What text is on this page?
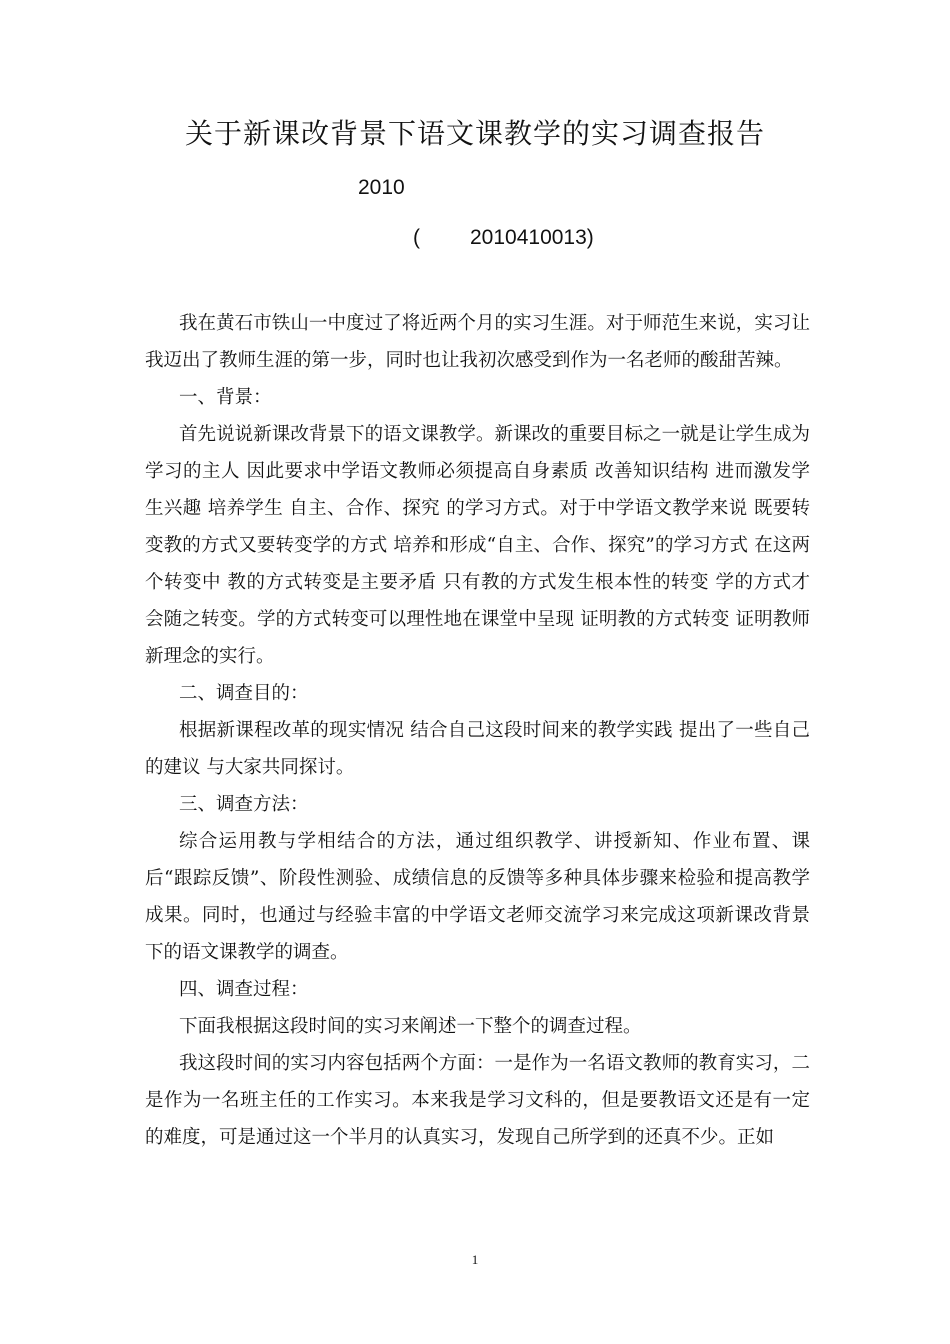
关于新课改背景下语文课教学的实习调查报告
2010
( 2010410013)

我在黄石市铁山一中度过了将近两个月的实习生涯。对于师范生来说，实习让我迈出了教师生涯的第一步，同时也让我初次感受到作为一名老师的酸甜苦辣。

一、背景：

首先说说新课改背景下的语文课教学。新课改的重要目标之一就是让学生成为学习的主人 因此要求中学语文教师必须提高自身素质 改善知识结构 进而激发学生兴趣 培养学生 自主、合作、探究 的学习方式。对于中学语文教学来说 既要转变教的方式又要转变学的方式 培养和形成“自主、合作、探究”的学习方式 在这两个转变中 教的方式转变是主要矛盾 只有教的方式发生根本性的转变 学的方式才会随之转变。学的方式转变可以理性地在课堂中呈现 证明教的方式转变 证明教师新理念的实行。

二、调查目的：

根据新课程改革的现实情况 结合自己这段时间来的教学实践 提出了一些自己的建议 与大家共同探讨。

三、调查方法：

综合运用教与学相结合的方法，通过组织教学、讲授新知、作业布置、课后“跟踪反馈”、阶段性测验、成绩信息的反馈等多种具体步骤来检验和提高教学成果。同时，也通过与经验丰富的中学语文老师交流学习来完成这项新课改背景下的语文课教学的调查。

四、调查过程：

下面我根据这段时间的实习来阐述一下整个的调查过程。

我这段时间的实习内容包括两个方面：一是作为一名语文教师的教育实习，二是作为一名班主任的工作实习。本来我是学习文科的，但是要教语文还是有一定的难度，可是通过这一个半月的认真实习，发现自己所学到的还真不少。正如

1
